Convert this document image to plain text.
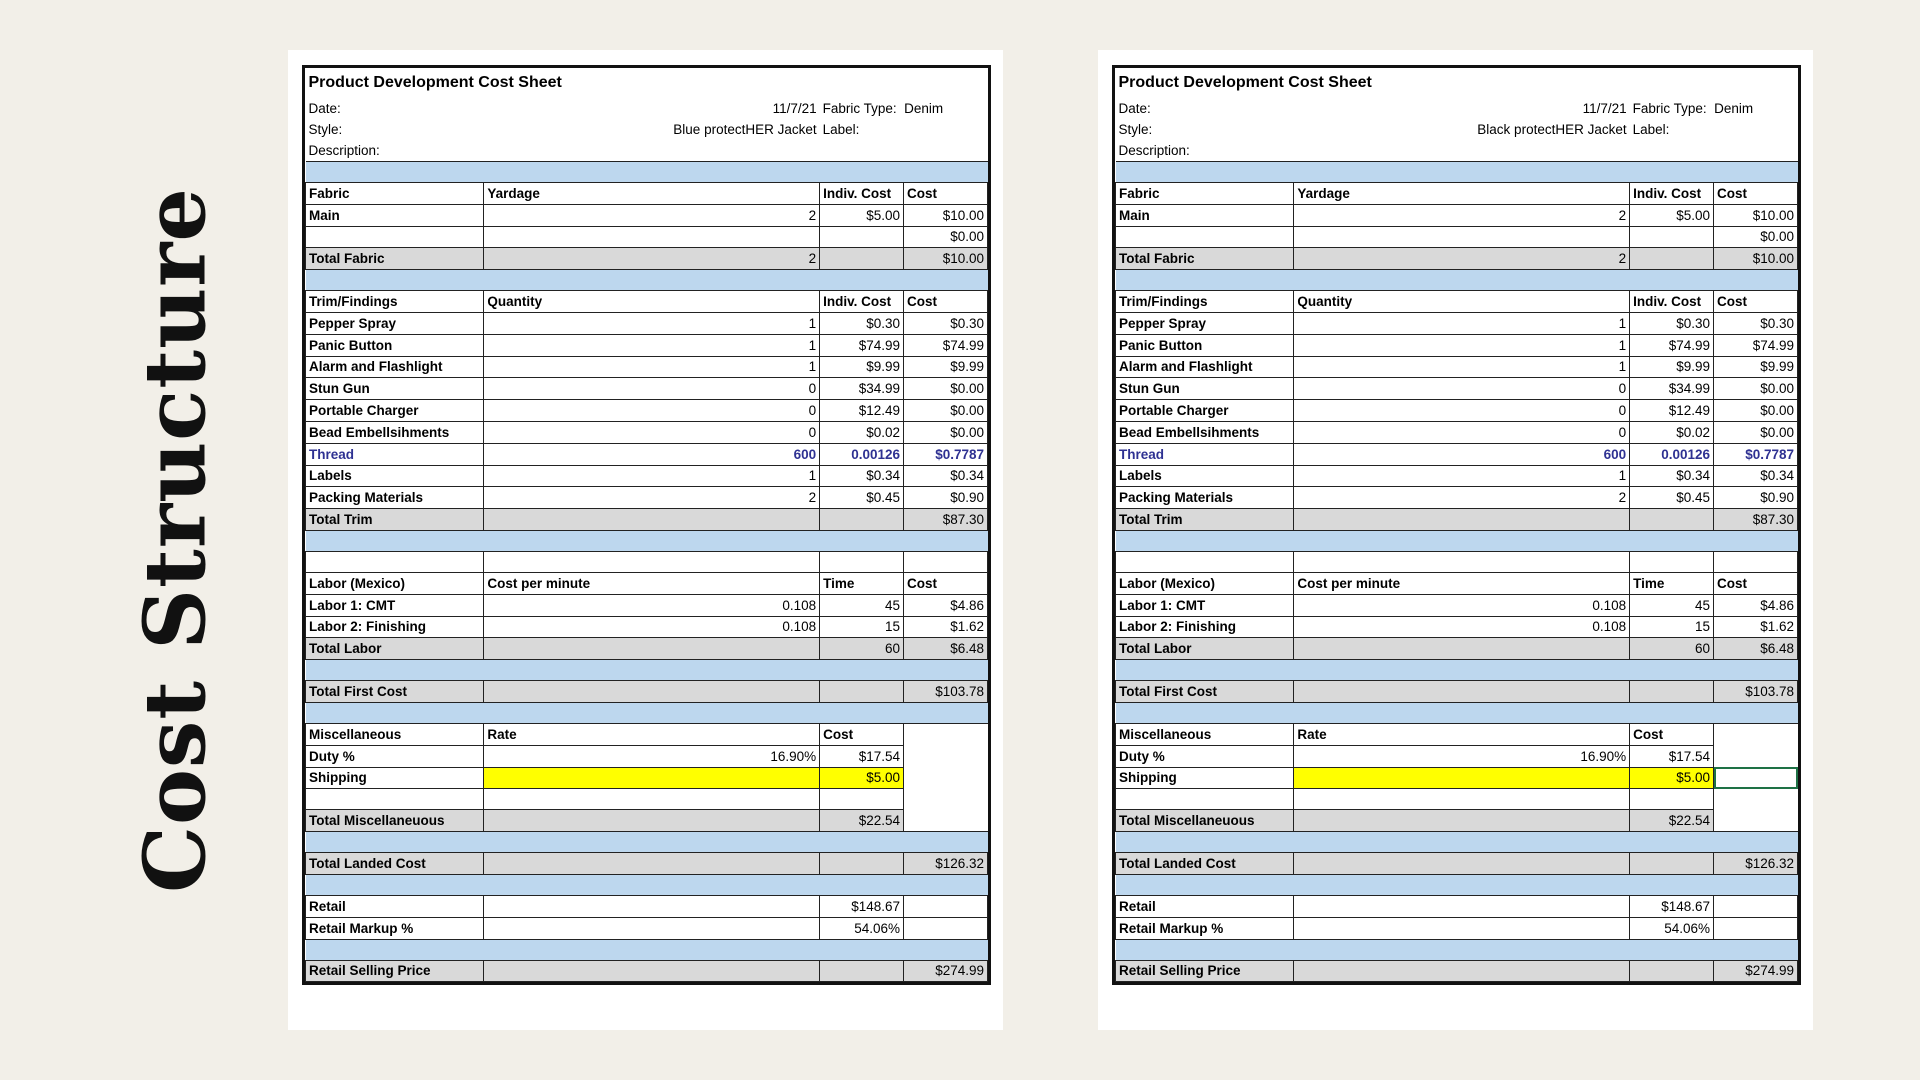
Cost Structure
Product Development Cost Sheet			
Date:	11/7/21	Fabric Type: Denim	
Style:	Blue protectHER Jacket	Label:	
Description:			

Fabric	Yardage	Indiv. Cost	Cost
Main	2	$5.00	$10.00
			$0.00
Total Fabric	2		$10.00

Trim/Findings	Quantity	Indiv. Cost	Cost
Pepper Spray	1	$0.30	$0.30
Panic Button	1	$74.99	$74.99
Alarm and Flashlight	1	$9.99	$9.99
Stun Gun	0	$34.99	$0.00
Portable Charger	0	$12.49	$0.00
Bead Embellsihments	0	$0.02	$0.00
Thread	600	0.00126	$0.7787
Labels	1	$0.34	$0.34
Packing Materials	2	$0.45	$0.90
Total Trim			$87.30

Labor (Mexico)	Cost per minute	Time	Cost
Labor 1: CMT	0.108	45	$4.86
Labor 2: Finishing	0.108	15	$1.62
Total Labor		60	$6.48

Total First Cost			$103.78

Miscellaneous	Rate	Cost	
Duty %	16.90%	$17.54	
Shipping		$5.00	

Total Miscellaneuous		$22.54	

Total Landed Cost			$126.32

Retail		$148.67	
Retail Markup %		54.06%	

Retail Selling Price			$274.99
Product Development Cost Sheet			
Date:	11/7/21	Fabric Type: Denim	
Style:	Black protectHER Jacket	Label:	
Description:			

Fabric	Yardage	Indiv. Cost	Cost
Main	2	$5.00	$10.00
			$0.00
Total Fabric	2		$10.00

Trim/Findings	Quantity	Indiv. Cost	Cost
Pepper Spray	1	$0.30	$0.30
Panic Button	1	$74.99	$74.99
Alarm and Flashlight	1	$9.99	$9.99
Stun Gun	0	$34.99	$0.00
Portable Charger	0	$12.49	$0.00
Bead Embellsihments	0	$0.02	$0.00
Thread	600	0.00126	$0.7787
Labels	1	$0.34	$0.34
Packing Materials	2	$0.45	$0.90
Total Trim			$87.30

Labor (Mexico)	Cost per minute	Time	Cost
Labor 1: CMT	0.108	45	$4.86
Labor 2: Finishing	0.108	15	$1.62
Total Labor		60	$6.48

Total First Cost			$103.78

Miscellaneous	Rate	Cost	
Duty %	16.90%	$17.54	
Shipping		$5.00	

Total Miscellaneuous		$22.54	

Total Landed Cost			$126.32

Retail		$148.67	
Retail Markup %		54.06%	

Retail Selling Price			$274.99
